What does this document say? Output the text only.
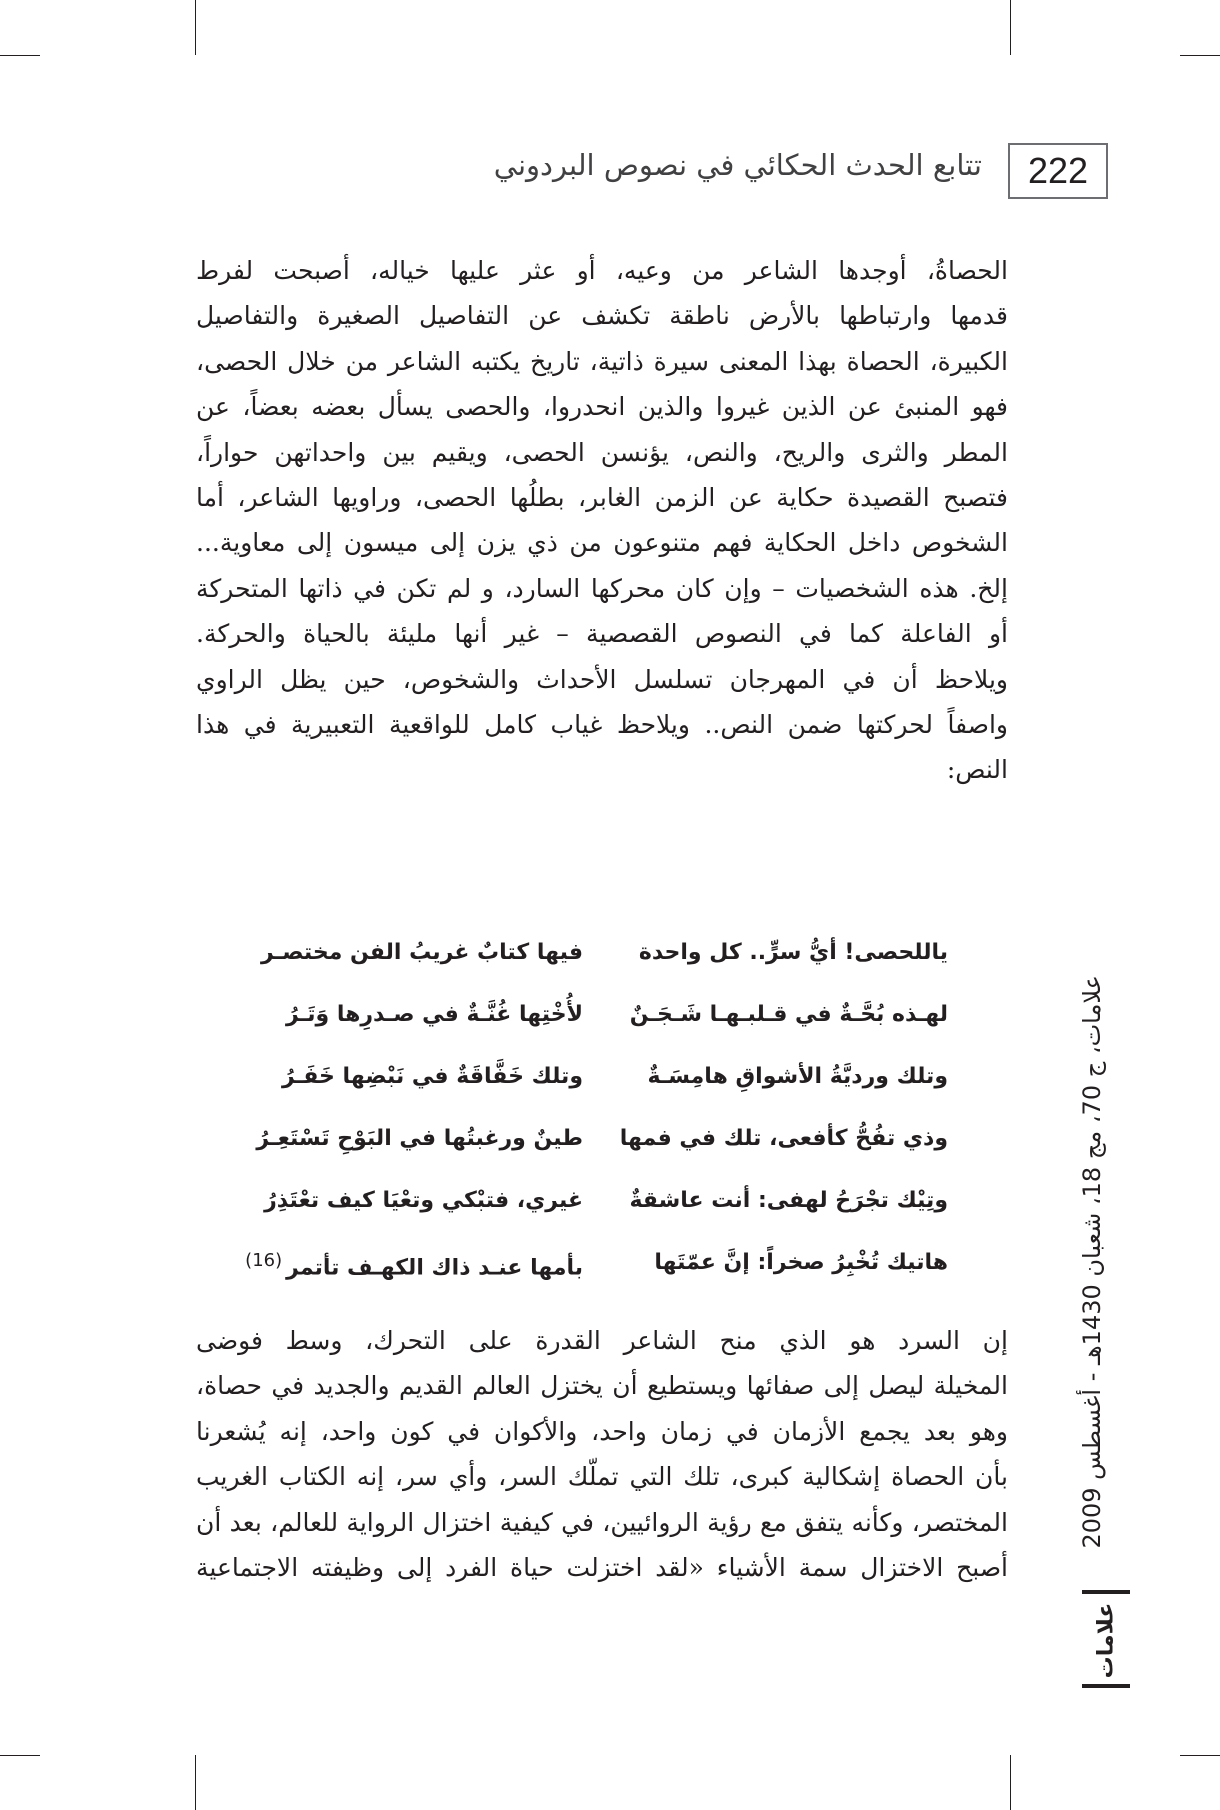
222
تتابع الحدث الحكائي في نصوص البردوني
الحصاةُ، أوجدها الشاعر من وعيه، أو عثر عليها خياله، أصبحت لفرط
قدمها وارتباطها بالأرض ناطقة تكشف عن التفاصيل الصغيرة والتفاصيل
الكبيرة، الحصاة بهذا المعنى سيرة ذاتية، تاريخ يكتبه الشاعر من خلال الحصى،
فهو المنبئ عن الذين غيروا والذين انحدروا، والحصى يسأل بعضه بعضاً، عن
المطر والثرى والريح، والنص، يؤنسن الحصى، ويقيم بين واحداتهن حواراً،
فتصبح القصيدة حكاية عن الزمن الغابر، بطلُها الحصى، وراويها الشاعر، أما
الشخوص داخل الحكاية فهم متنوعون من ذي يزن إلى ميسون إلى معاوية...
إلخ. هذه الشخصيات – وإن كان محركها السارد، و لم تكن في ذاتها المتحركة
أو الفاعلة كما في النصوص القصصية – غير أنها مليئة بالحياة والحركة.
ويلاحظ أن في المهرجان تسلسل الأحداث والشخوص، حين يظل الراوي
واصفاً لحركتها ضمن النص.. ويلاحظ غياب كامل للواقعية التعبيرية في هذا
النص:
ياللحصى! أيُّ سرٍّ.. كل واحدة
فيها كتابٌ غريبُ الفن مختصـر
لهـذه بُحَّـةٌ في قـلبـهـا شَـجَـنٌ
لأُخْتِها غُنَّـةٌ في صـدرِها وَتَـرُ
وتلك ورديَّةُ الأشواقِ هامِسَـةٌ
وتلك خَفَّاقَةٌ في نَبْضِها خَفَـرُ
وذي تفُحُّ كأفعى، تلك في فمها
طينٌ ورغبتُها في البَوْحِ تَسْتَعِـرُ
وتِيْك تجْرَحُ لهفى: أنت عاشقةٌ
غيري، فتبْكي وتعْيَا كيف تعْتَذِرُ
هاتيك تُخْبِرُ صخراً: إنَّ عمّتَها
بأمها عنـد ذاك الكهـف تأتمر$^{(16)}$
إن السرد هو الذي منح الشاعر القدرة على التحرك، وسط فوضى
المخيلة ليصل إلى صفائها ويستطيع أن يختزل العالم القديم والجديد في حصاة،
وهو بعد يجمع الأزمان في زمان واحد، والأكوان في كون واحد، إنه يُشعرنا
بأن الحصاة إشكالية كبرى، تلك التي تملّك السر، وأي سر، إنه الكتاب الغريب
المختصر، وكأنه يتفق مع رؤية الروائيين، في كيفية اختزال الرواية للعالم، بعد أن
أصبح الاختزال سمة الأشياء «لقد اختزلت حياة الفرد إلى وظيفته الاجتماعية
علامات، ج 70، مج 18، شعبان 1430هـ - أغسطس 2009
علامات
